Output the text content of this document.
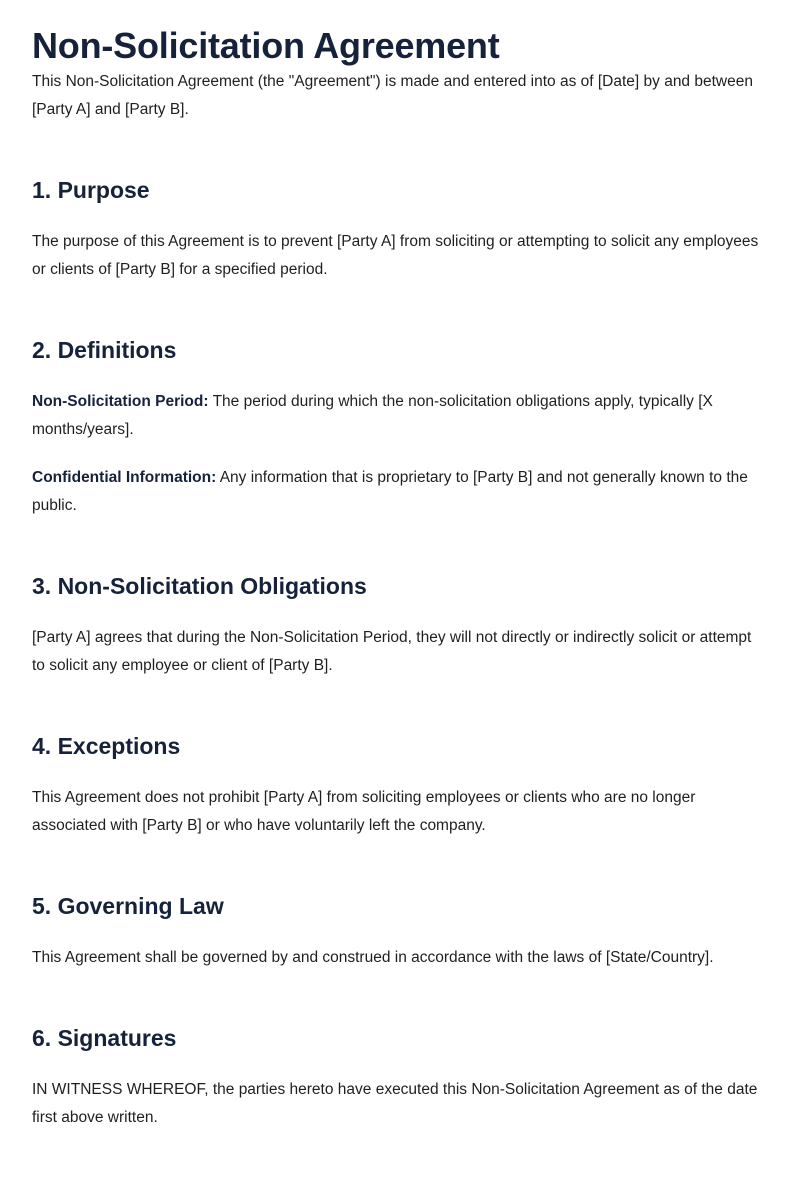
Non-Solicitation Agreement

This Non-Solicitation Agreement (the "Agreement") is made and entered into as of [Date] by and between [Party A] and [Party B].

1. Purpose

The purpose of this Agreement is to prevent [Party A] from soliciting or attempting to solicit any employees or clients of [Party B] for a specified period.

2. Definitions

Non-Solicitation Period: The period during which the non-solicitation obligations apply, typically [X months/years].

Confidential Information: Any information that is proprietary to [Party B] and not generally known to the public.

3. Non-Solicitation Obligations

[Party A] agrees that during the Non-Solicitation Period, they will not directly or indirectly solicit or attempt to solicit any employee or client of [Party B].

4. Exceptions

This Agreement does not prohibit [Party A] from soliciting employees or clients who are no longer associated with [Party B] or who have voluntarily left the company.

5. Governing Law

This Agreement shall be governed by and construed in accordance with the laws of [State/Country].

6. Signatures

IN WITNESS WHEREOF, the parties hereto have executed this Non-Solicitation Agreement as of the date first above written.
